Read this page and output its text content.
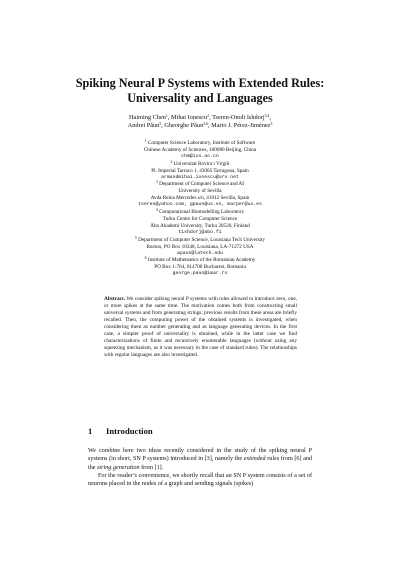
Spiking Neural P Systems with Extended Rules:
Universality and Languages
Haiming Chen$^1$, Mihai Ionescu$^2$, Tseren-Onolt Ishdorj$^{3,4}$,
Andrei Păun$^5$, Gheorghe Păun$^{2,6}$, Mario J. Pérez-Jiménez$^3$
$^1$ Computer Science Laboratory, Institute of Software
Chinese Academy of Sciences, 100080 Beijing, China
chm@ios.ac.cn
$^2$ Universitat Rovira i Virgili
Pl. Imperial Tarraco 1, 43005 Tarragona, Spain
armandmihai.ionescu@urv.net
$^3$ Department of Computer Science and AI
University of Sevilla
Avda Reina Mercedes s/n, 41012 Sevilla, Spain
tseren@yahoo.com, gpaun@us.es, marper@us.es
$^4$ Computational Biomodelling Laboratory
Turku Centre for Computer Science
Åbo Akademi University, Turku 20520, Finland
tishdorj@abo.fi
$^5$ Department of Computer Science, Louisiana Tech University
Ruston, PO Box 10348, Louisiana, LA-71272 USA
apaun@latech.edu
$^6$ Institute of Mathematics of the Romanian Academy
PO Box 1-764, 014700 Bucharest, Romania
george.paun@imar.ro
Abstract. We consider spiking neural P systems with rules allowed to introduce zero, one, or more spikes at the same time. The motivation comes both from constructing small universal systems and from generating strings; previous results from these areas are briefly recalled. Then, the computing power of the obtained systems is investigated, when considering them as number generating and as language generating devices. In the first case, a simpler proof of universality is obtained, while in the latter case we find characterizations of finite and recursively enumerable languages (without using any squeezing mechanism, as it was necessary in the case of standard rules). The relationships with regular languages are also investigated.
1 Introduction

We combine here two ideas recently considered in the study of the spiking neural P systems (in short, SN P systems) introduced in [3], namely the extended rules from [6] and the string generation from [1].

For the reader’s convenience, we shortly recall that an SN P system consists of a set of neurons placed in the nodes of a graph and sending signals (spikes)
